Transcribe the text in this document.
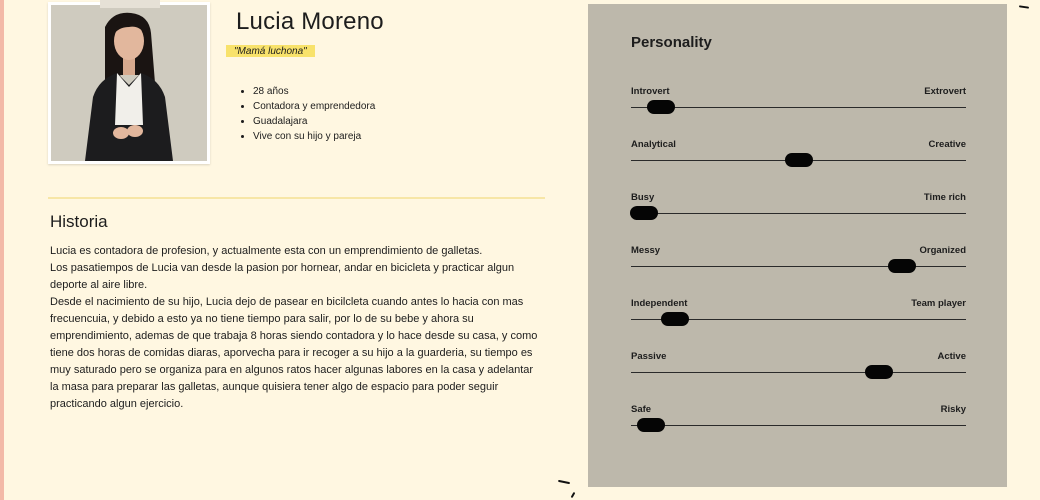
Lucia Moreno
"Mamá luchona"
• 28 años
• Contadora y emprendedora
• Guadalajara
• Vive con su hijo y pareja
Historia

Lucia es contadora de profesion, y actualmente esta con un emprendimiento de galletas.

Los pasatiempos de Lucia van desde la pasion por hornear, andar en bicicleta y practicar algun deporte al aire libre.

Desde el nacimiento de su hijo, Lucia dejo de pasear en bicilcleta cuando antes lo hacia con mas frecuencuia, y debido a esto ya no tiene tiempo para salir, por lo de su bebe y ahora su emprendimiento, ademas de que trabaja 8 horas siendo contadora y lo hace desde su casa, y como tiene dos horas de comidas diaras, aporvecha para ir recoger a su hijo a la guarderia, su tiempo es muy saturado pero se organiza para en algunos ratos hacer algunas labores en la casa y adelantar la masa para preparar las galletas, aunque quisiera tener algo de espacio para poder seguir practicando algun ejercicio.

Personality
Introvert	Extrovert
Analytical	Creative
Busy	Time rich
Messy	Organized
Independent	Team player
Passive	Active
Safe	Risky
